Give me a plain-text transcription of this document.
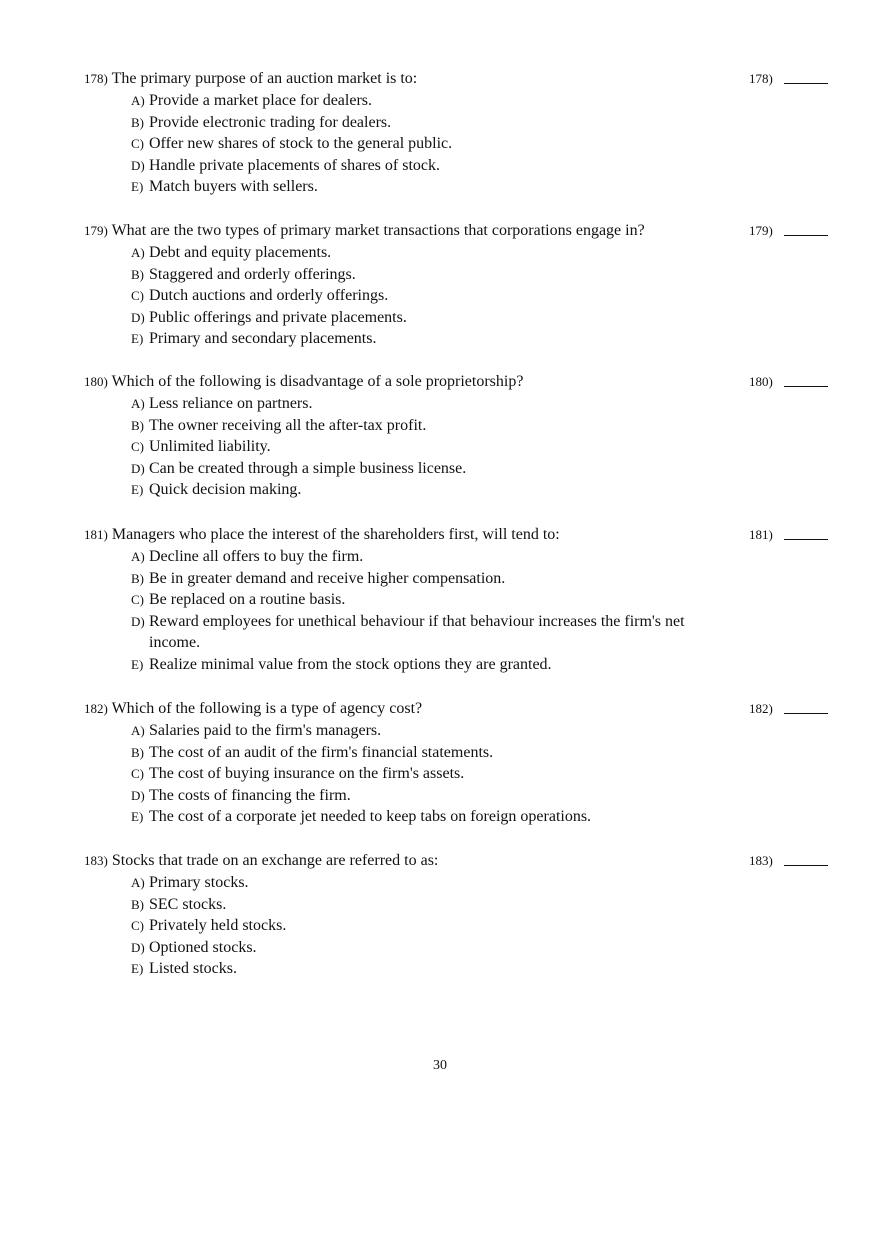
178) The primary purpose of an auction market is to:	178)
A) Provide a market place for dealers.
B) Provide electronic trading for dealers.
C) Offer new shares of stock to the general public.
D) Handle private placements of shares of stock.
E) Match buyers with sellers.
179) What are the two types of primary market transactions that corporations engage in?	179)
A) Debt and equity placements.
B) Staggered and orderly offerings.
C) Dutch auctions and orderly offerings.
D) Public offerings and private placements.
E) Primary and secondary placements.
180) Which of the following is disadvantage of a sole proprietorship?	180)
A) Less reliance on partners.
B) The owner receiving all the after-tax profit.
C) Unlimited liability.
D) Can be created through a simple business license.
E) Quick decision making.
181) Managers who place the interest of the shareholders first, will tend to:	181)
A) Decline all offers to buy the firm.
B) Be in greater demand and receive higher compensation.
C) Be replaced on a routine basis.
D) Reward employees for unethical behaviour if that behaviour increases the firm's net income.
E) Realize minimal value from the stock options they are granted.
182) Which of the following is a type of agency cost?	182)
A) Salaries paid to the firm's managers.
B) The cost of an audit of the firm's financial statements.
C) The cost of buying insurance on the firm's assets.
D) The costs of financing the firm.
E) The cost of a corporate jet needed to keep tabs on foreign operations.
183) Stocks that trade on an exchange are referred to as:	183)
A) Primary stocks.
B) SEC stocks.
C) Privately held stocks.
D) Optioned stocks.
E) Listed stocks.
30
